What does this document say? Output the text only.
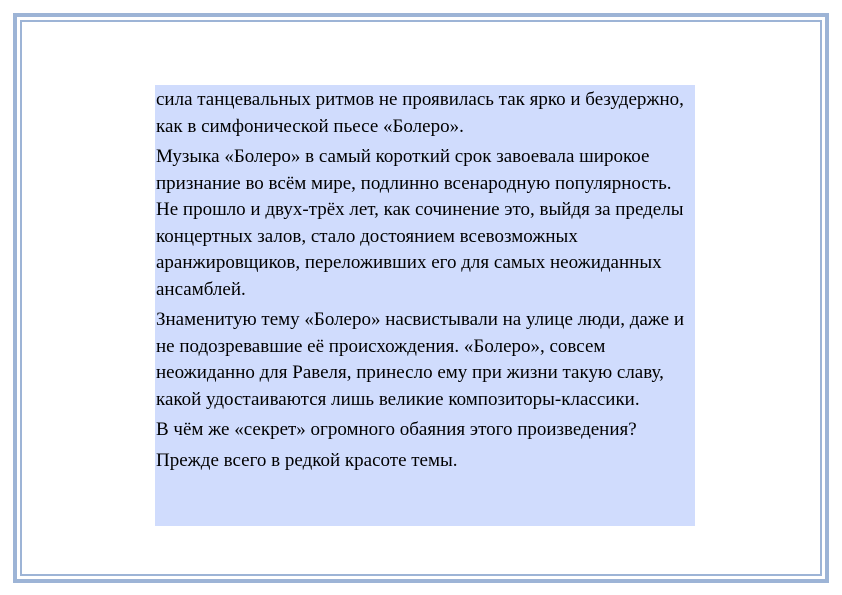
сила танцевальных ритмов не проявилась так ярко и безудержно, как в симфонической пьесе «Болеро».

Музыка «Болеро» в самый короткий срок завоевала широкое признание во всём мире, подлинно всенародную популярность. Не прошло и двух-трёх лет, как сочинение это, выйдя за пределы концертных залов, стало достоянием всевозможных аранжировщиков, переложивших его для самых неожиданных ансамблей.

Знаменитую тему «Болеро» насвистывали на улице люди, даже и не подозревавшие её происхождения. «Болеро», совсем неожиданно для Равеля, принесло ему при жизни такую славу, какой удостаиваются лишь великие композиторы-классики.

В чём же «секрет» огромного обаяния этого произведения?

Прежде всего в редкой красоте темы.
